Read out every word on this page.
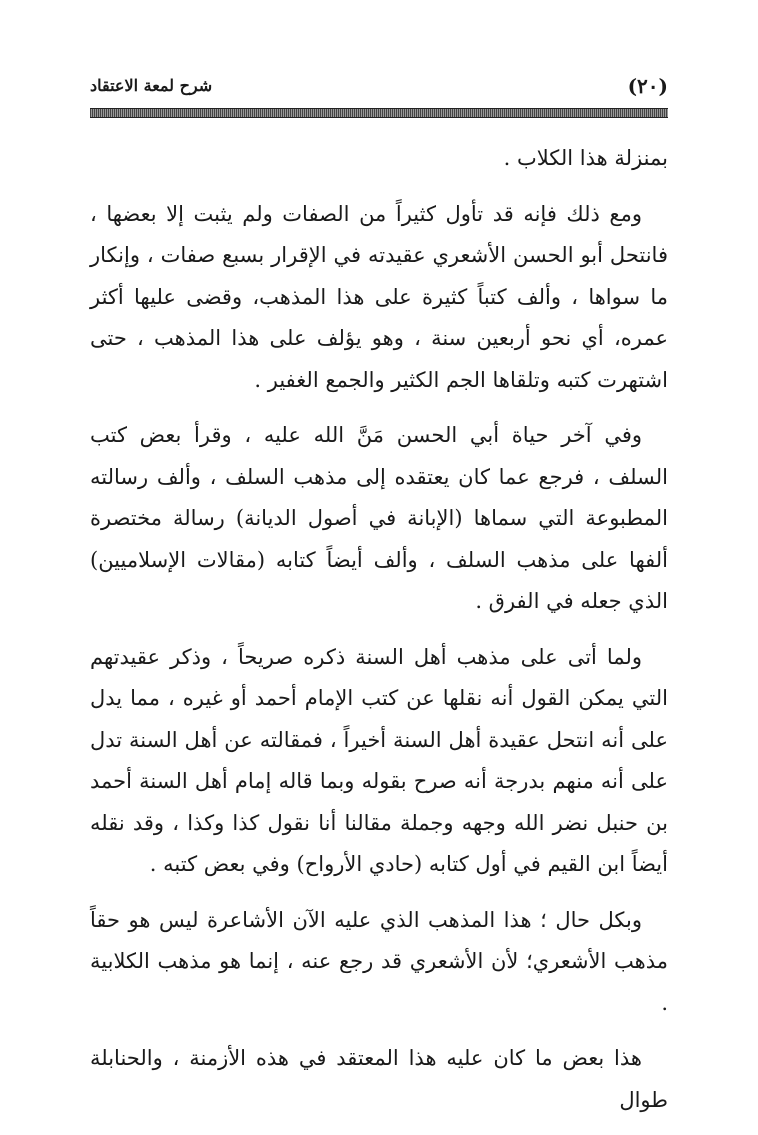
(٢٠)
شرح لمعة الاعتقاد

بمنزلة هذا الكلاب .

ومع ذلك فإنه قد تأول كثيراً من الصفات ولم يثبت إلا بعضها ، فانتحل أبو الحسن الأشعري عقيدته في الإقرار بسبع صفات ، وإنكار ما سواها ، وألف كتباً كثيرة على هذا المذهب، وقضى عليها أكثر عمره، أي نحو أربعين سنة ، وهو يؤلف على هذا المذهب ، حتى اشتهرت كتبه وتلقاها الجم الكثير والجمع الغفير .

وفي آخر حياة أبي الحسن مَنَّ الله عليه ، وقرأ بعض كتب السلف ، فرجع عما كان يعتقده إلى مذهب السلف ، وألف رسالته المطبوعة التي سماها (الإبانة في أصول الديانة) رسالة مختصرة ألفها على مذهب السلف ، وألف أيضاً كتابه (مقالات الإسلاميين) الذي جعله في الفرق .

ولما أتى على مذهب أهل السنة ذكره صريحاً ، وذكر عقيدتهم التي يمكن القول أنه نقلها عن كتب الإمام أحمد أو غيره ، مما يدل على أنه انتحل عقيدة أهل السنة أخيراً ، فمقالته عن أهل السنة تدل على أنه منهم بدرجة أنه صرح بقوله وبما قاله إمام أهل السنة أحمد بن حنبل نضر الله وجهه وجملة مقالنا أنا نقول كذا وكذا ، وقد نقله أيضاً ابن القيم في أول كتابه (حادي الأرواح) وفي بعض كتبه .

وبكل حال ؛ هذا المذهب الذي عليه الآن الأشاعرة ليس هو حقاً مذهب الأشعري؛ لأن الأشعري قد رجع عنه ، إنما هو مذهب الكلابية .

هذا بعض ما كان عليه هذا المعتقد في هذه الأزمنة ، والحنابلة طوال
